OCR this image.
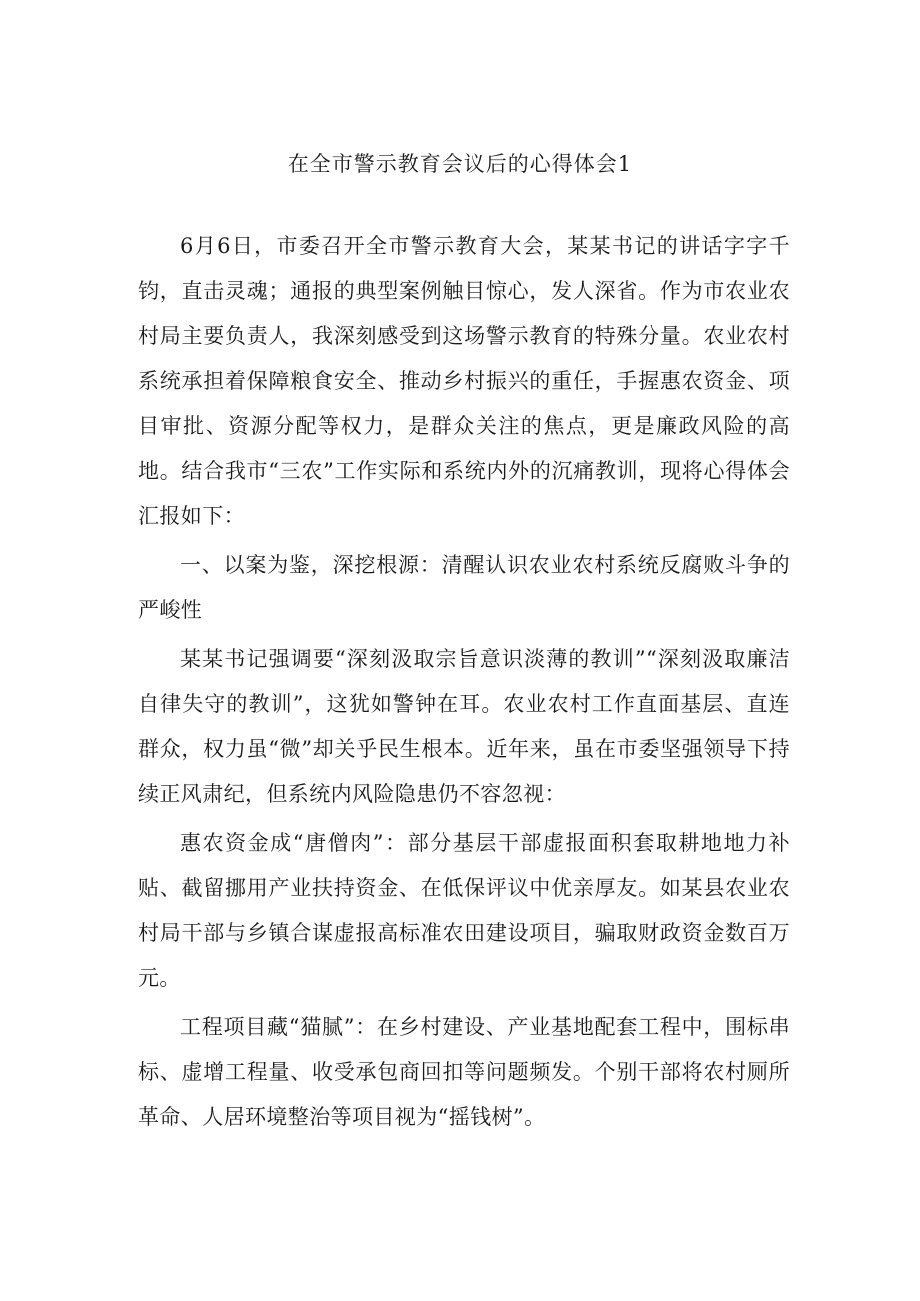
在全市警示教育会议后的心得体会1

6月6日，市委召开全市警示教育大会，某某书记的讲话字字千钧，直击灵魂；通报的典型案例触目惊心，发人深省。作为市农业农村局主要负责人，我深刻感受到这场警示教育的特殊分量。农业农村系统承担着保障粮食安全、推动乡村振兴的重任，手握惠农资金、项目审批、资源分配等权力，是群众关注的焦点，更是廉政风险的高地。结合我市“三农”工作实际和系统内外的沉痛教训，现将心得体会汇报如下：

一、以案为鉴，深挖根源：清醒认识农业农村系统反腐败斗争的严峻性

某某书记强调要“深刻汲取宗旨意识淡薄的教训”“深刻汲取廉洁自律失守的教训”，这犹如警钟在耳。农业农村工作直面基层、直连群众，权力虽“微”却关乎民生根本。近年来，虽在市委坚强领导下持续正风肃纪，但系统内风险隐患仍不容忽视：

惠农资金成“唐僧肉”：部分基层干部虚报面积套取耕地地力补贴、截留挪用产业扶持资金、在低保评议中优亲厚友。如某县农业农村局干部与乡镇合谋虚报高标准农田建设项目，骗取财政资金数百万元。

工程项目藏“猫腻”：在乡村建设、产业基地配套工程中，围标串标、虚增工程量、收受承包商回扣等问题频发。个别干部将农村厕所革命、人居环境整治等项目视为“摇钱树”。
